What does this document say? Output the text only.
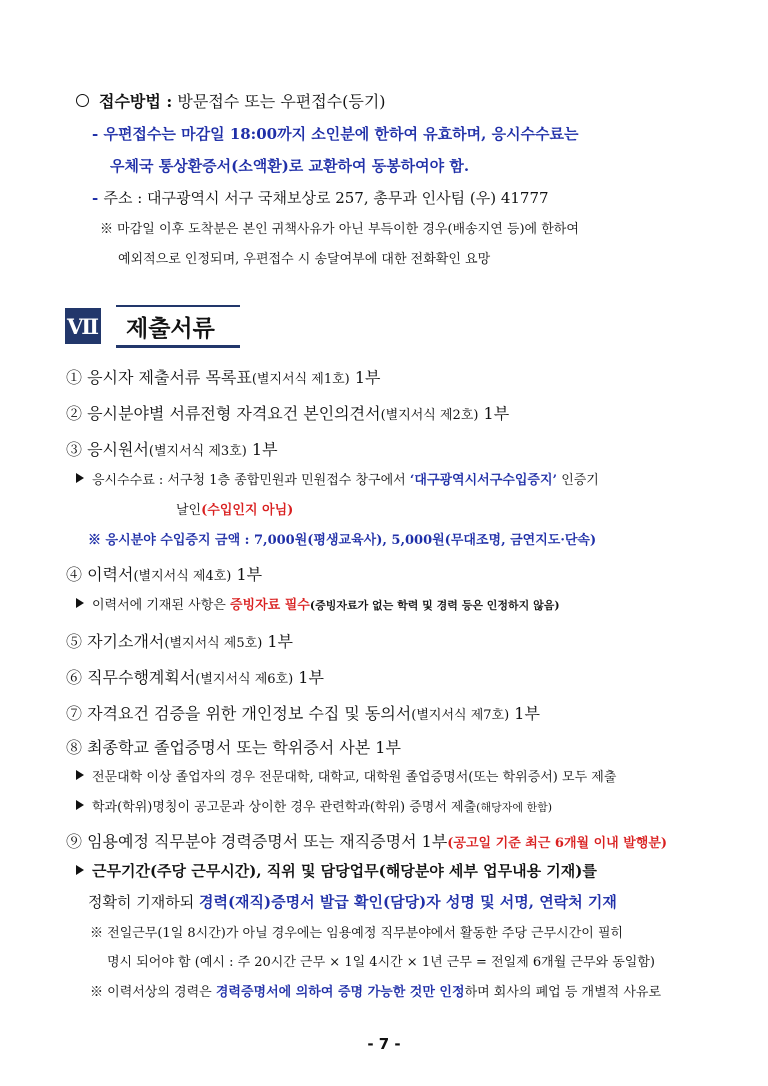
접수방법 : 방문접수 또는 우편접수(등기)
- 우편접수는 마감일 18:00까지 소인분에 한하여 유효하며, 응시수수료는
우체국 통상환증서(소액환)로 교환하여 동봉하여야 함.
- 주소 : 대구광역시 서구 국채보상로 257, 총무과 인사팀 (우) 41777
※ 마감일 이후 도착분은 본인 귀책사유가 아닌 부득이한 경우(배송지연 등)에 한하여
예외적으로 인정되며, 우편접수 시 송달여부에 대한 전화확인 요망
Ⅶ 제출서류
① 응시자 제출서류 목록표(별지서식 제1호) 1부
② 응시분야별 서류전형 자격요건 본인의견서(별지서식 제2호) 1부
③ 응시원서(별지서식 제3호) 1부
응시수수료 : 서구청 1층 종합민원과 민원접수 창구에서 ‘대구광역시서구수입증지’ 인증기
날인(수입인지 아님)
※ 응시분야 수입증지 금액 : 7,000원(평생교육사), 5,000원(무대조명, 금연지도·단속)
④ 이력서(별지서식 제4호) 1부
이력서에 기재된 사항은 증빙자료 필수(증빙자료가 없는 학력 및 경력 등은 인정하지 않음)
⑤ 자기소개서(별지서식 제5호) 1부
⑥ 직무수행계획서(별지서식 제6호) 1부
⑦ 자격요건 검증을 위한 개인정보 수집 및 동의서(별지서식 제7호) 1부
⑧ 최종학교 졸업증명서 또는 학위증서 사본 1부
전문대학 이상 졸업자의 경우 전문대학, 대학교, 대학원 졸업증명서(또는 학위증서) 모두 제출
학과(학위)명칭이 공고문과 상이한 경우 관련학과(학위) 증명서 제출(해당자에 한함)
⑨ 임용예정 직무분야 경력증명서 또는 재직증명서 1부(공고일 기준 최근 6개월 이내 발행분)
근무기간(주당 근무시간), 직위 및 담당업무(해당분야 세부 업무내용 기재)를
정확히 기재하되 경력(재직)증명서 발급 확인(담당)자 성명 및 서명, 연락처 기재
※ 전일근무(1일 8시간)가 아닐 경우에는 임용예정 직무분야에서 활동한 주당 근무시간이 필히
명시 되어야 함 (예시 : 주 20시간 근무 × 1일 4시간 × 1년 근무 = 전일제 6개월 근무와 동일함)
※ 이력서상의 경력은 경력증명서에 의하여 증명 가능한 것만 인정하며 회사의 폐업 등 개별적 사유로
- 7 -
